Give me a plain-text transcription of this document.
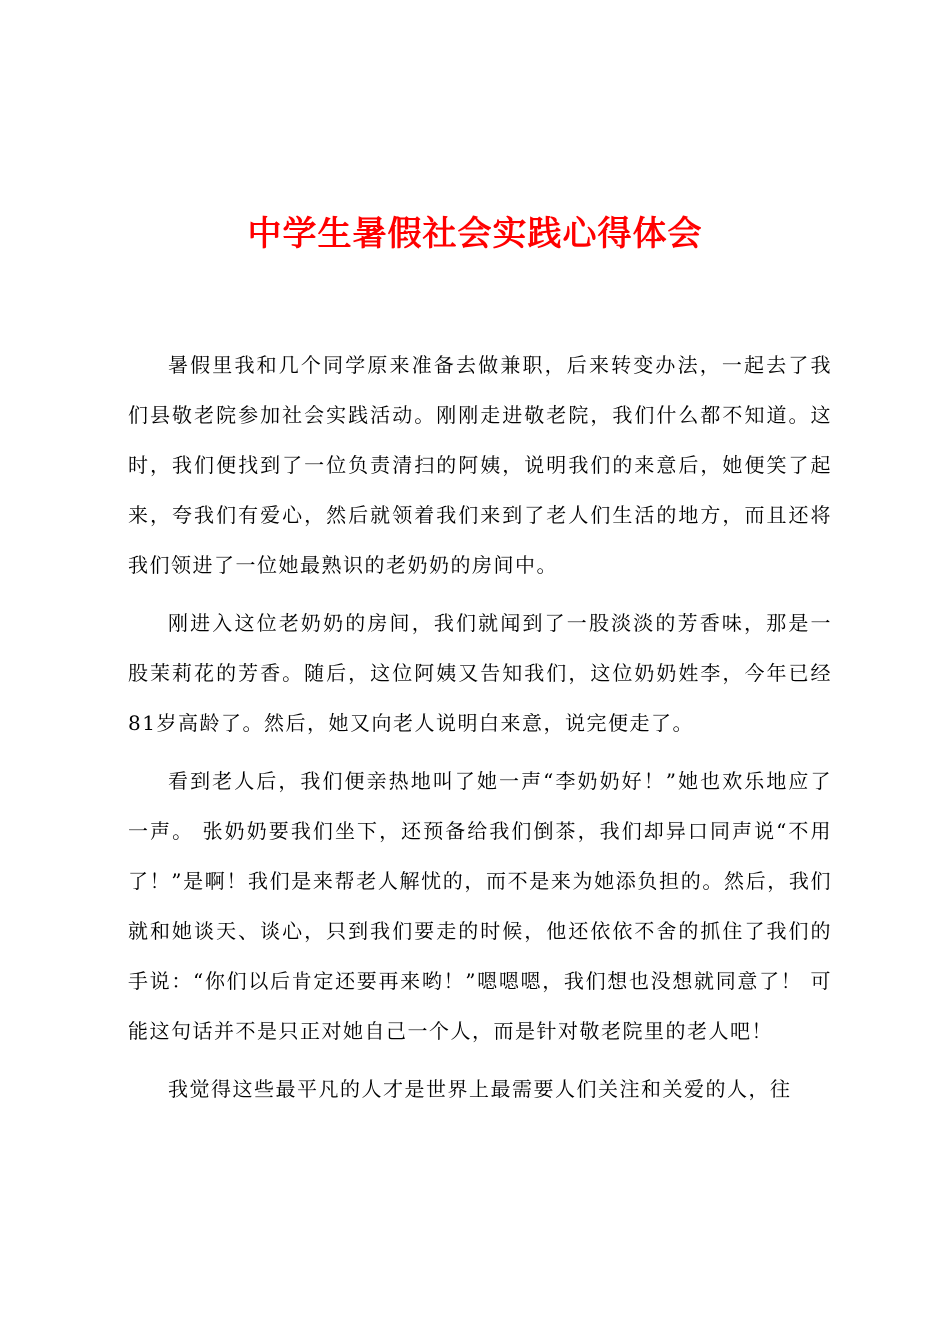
中学生暑假社会实践心得体会

暑假里我和几个同学原来准备去做兼职，后来转变办法，一起去了我们县敬老院参加社会实践活动。刚刚走进敬老院，我们什么都不知道。这时，我们便找到了一位负责清扫的阿姨，说明我们的来意后，她便笑了起来，夸我们有爱心，然后就领着我们来到了老人们生活的地方，而且还将我们领进了一位她最熟识的老奶奶的房间中。

刚进入这位老奶奶的房间，我们就闻到了一股淡淡的芳香味，那是一股茉莉花的芳香。随后，这位阿姨又告知我们，这位奶奶姓李，今年已经81岁高龄了。然后，她又向老人说明白来意，说完便走了。

看到老人后，我们便亲热地叫了她一声“李奶奶好！”她也欢乐地应了一声。 张奶奶要我们坐下，还预备给我们倒茶，我们却异口同声说“不用了！”是啊！我们是来帮老人解忧的，而不是来为她添负担的。然后，我们就和她谈天、谈心，只到我们要走的时候，他还依依不舍的抓住了我们的手说：“你们以后肯定还要再来哟！”嗯嗯嗯，我们想也没想就同意了！ 可能这句话并不是只正对她自己一个人，而是针对敬老院里的老人吧！

我觉得这些最平凡的人才是世界上最需要人们关注和关爱的人，往
